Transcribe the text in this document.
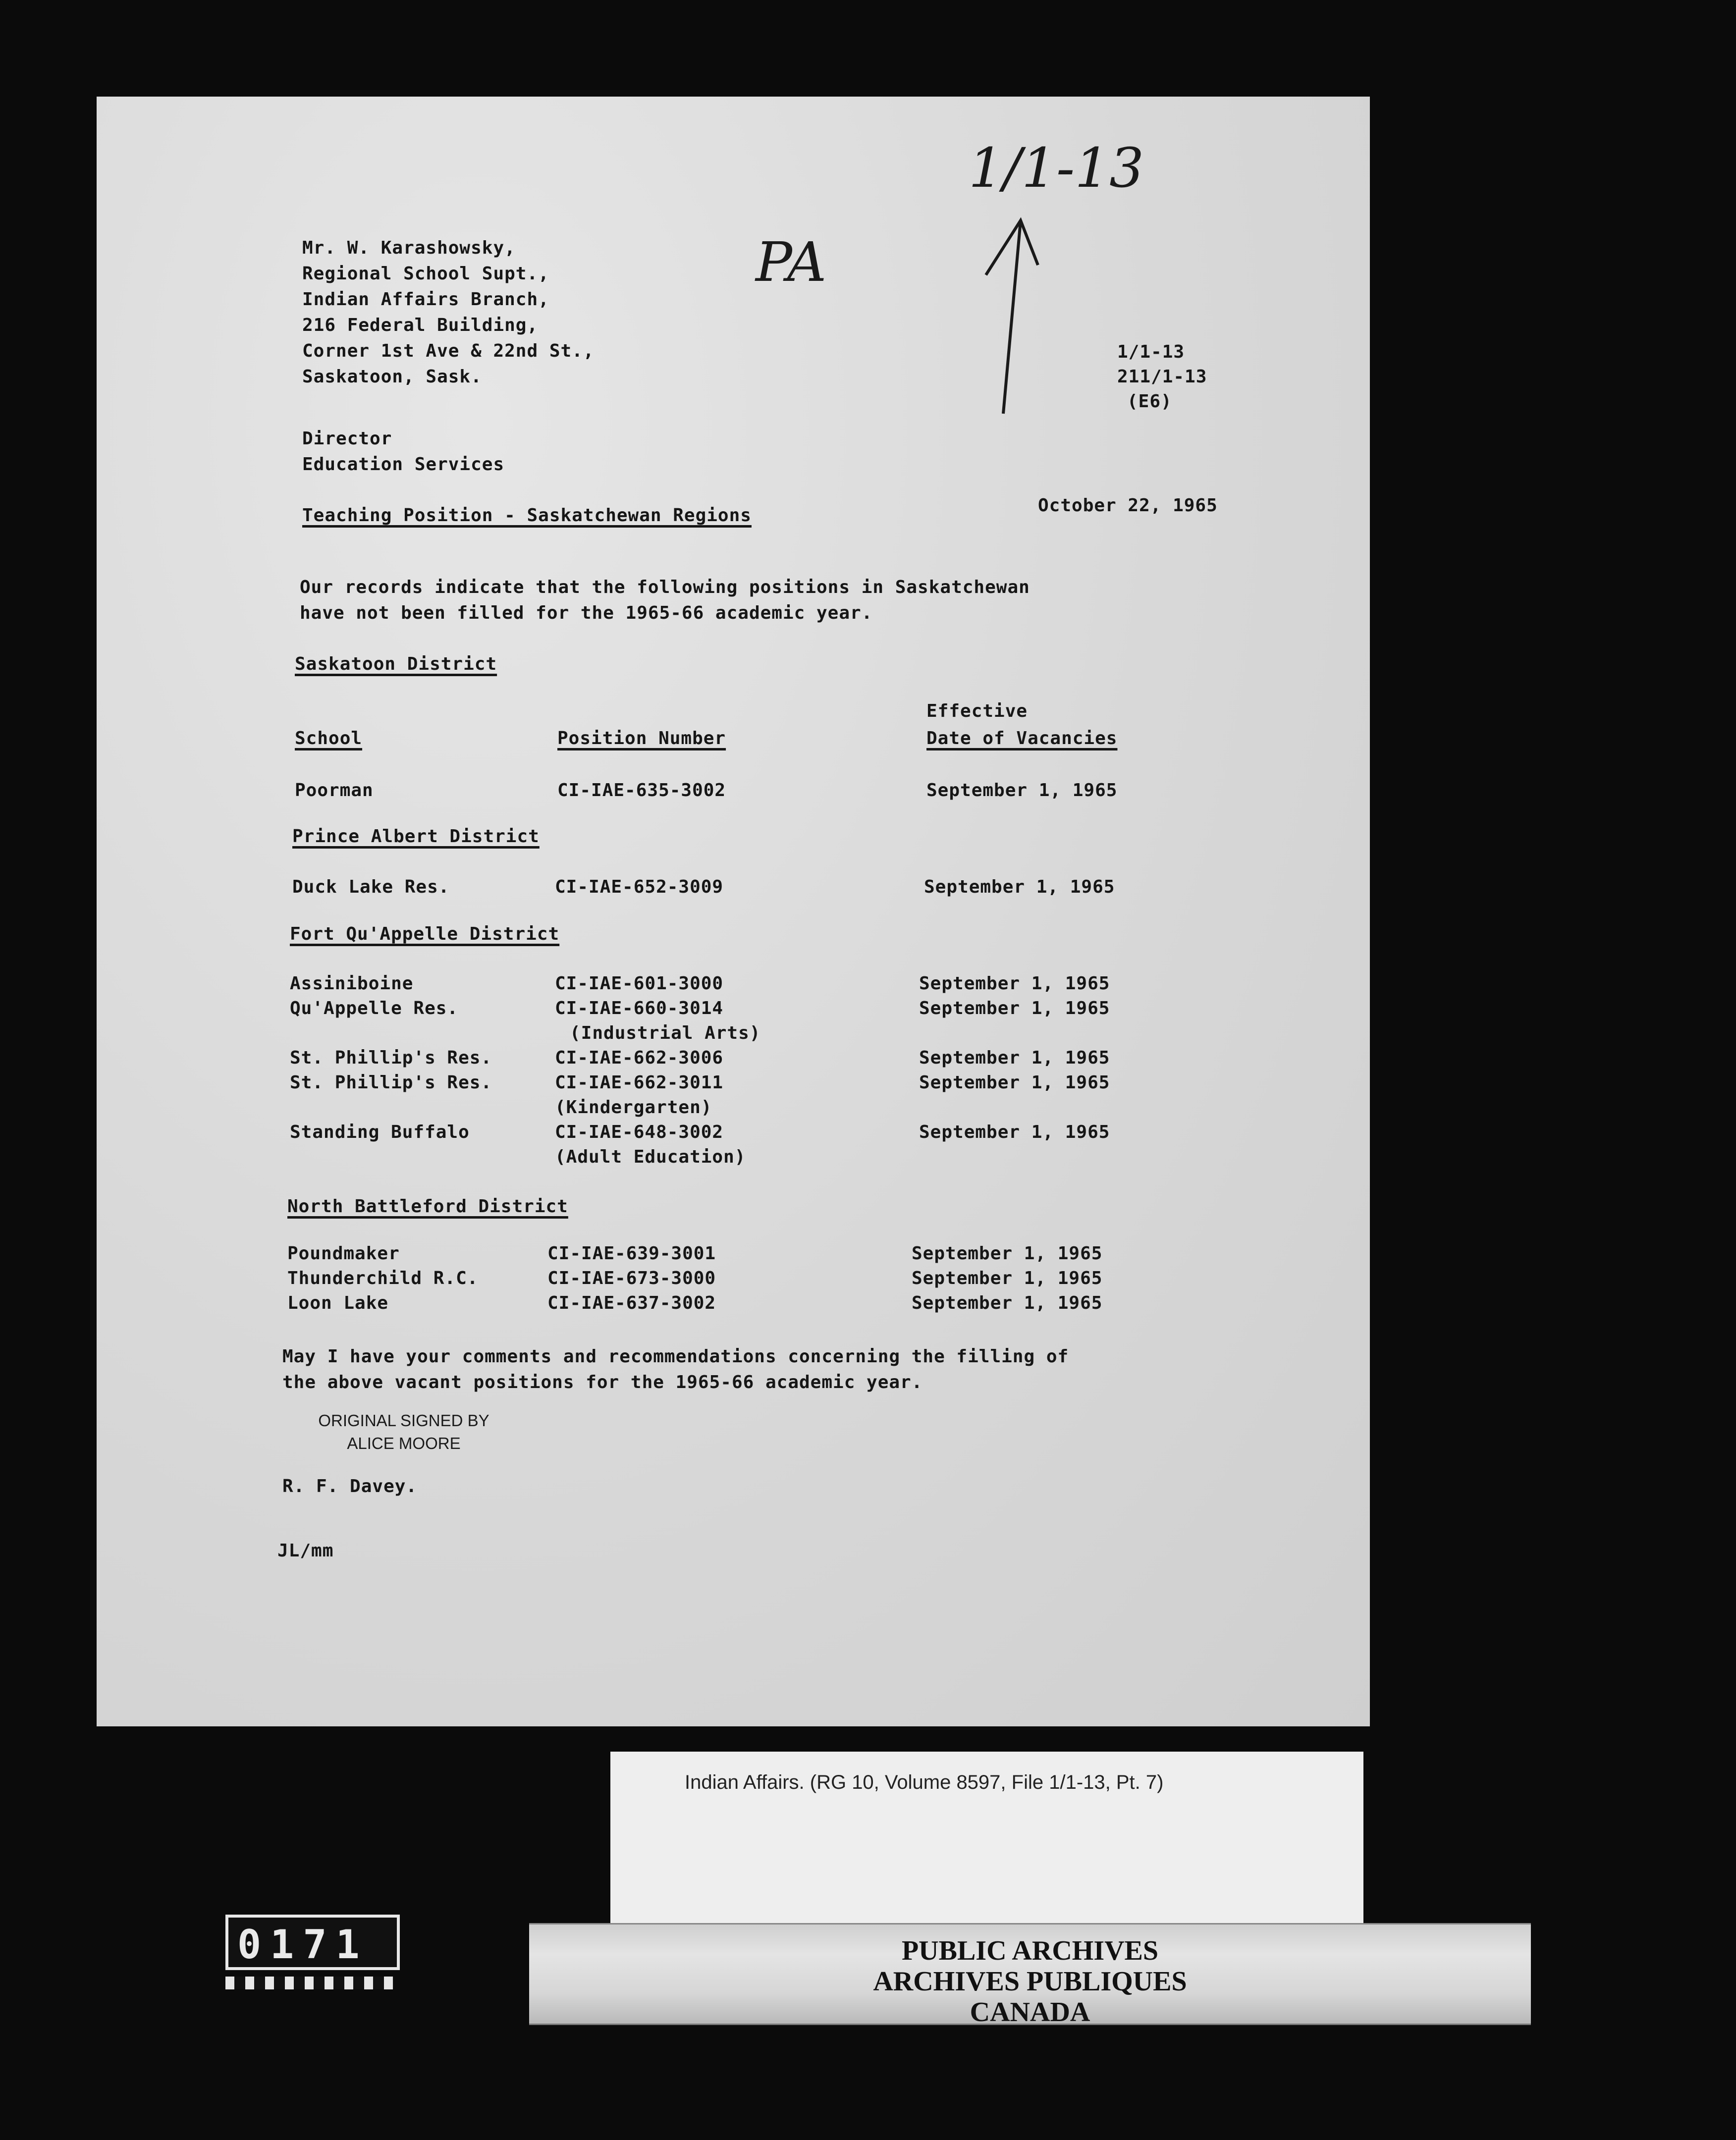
1/1-13
PA
Mr. W. Karashowsky,
Regional School Supt.,
Indian Affairs Branch,
216 Federal Building,
Corner 1st Ave & 22nd St.,
Saskatoon, Sask.
1/1-13
211/1-13
(E6)
Director
Education Services
Teaching Position - Saskatchewan Regions	October 22, 1965
Our records indicate that the following positions in Saskatchewan
have not been filled for the 1965-66 academic year.
Saskatoon District
Effective
School	Position Number	Date of Vacancies
Poorman	CI-IAE-635-3002	September 1, 1965
Prince Albert District
Duck Lake Res.	CI-IAE-652-3009	September 1, 1965
Fort Qu'Appelle District
Assiniboine	CI-IAE-601-3000	September 1, 1965
Qu'Appelle Res.	CI-IAE-660-3014	September 1, 1965
(Industrial Arts)
St. Phillip's Res.	CI-IAE-662-3006	September 1, 1965
St. Phillip's Res.	CI-IAE-662-3011	September 1, 1965
(Kindergarten)
Standing Buffalo	CI-IAE-648-3002	September 1, 1965
(Adult Education)
North Battleford District
Poundmaker	CI-IAE-639-3001	September 1, 1965
Thunderchild R.C.	CI-IAE-673-3000	September 1, 1965
Loon Lake	CI-IAE-637-3002	September 1, 1965
May I have your comments and recommendations concerning the filling of
the above vacant positions for the 1965-66 academic year.
ORIGINAL SIGNED BY
ALICE MOORE
R. F. Davey.
JL/mm
Indian Affairs. (RG 10, Volume 8597, File 1/1-13, Pt. 7)
PUBLIC ARCHIVES
ARCHIVES PUBLIQUES
CANADA
0171
